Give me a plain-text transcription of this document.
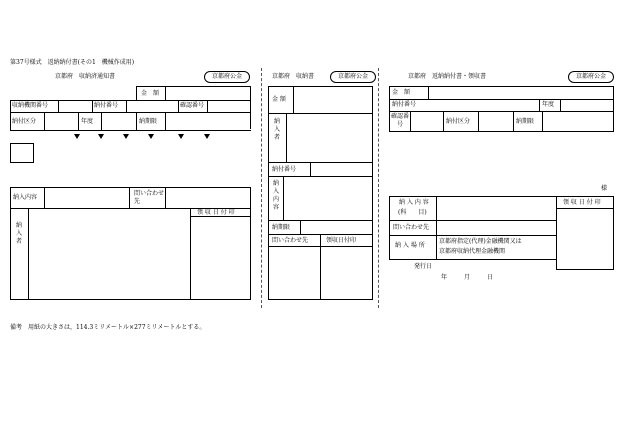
第37号様式　返納納付書(その1　機械作成用)
京都府　収納済通知書	京都府公金
金　額
収納機関番号	納付番号	確認番号
納付区分	年度	納期限
納入内容
問い合わせ先
納入者
領 収 日 付 印
京都府　収納書	京都府公金
金 額
納入者
納付番号
納入内容
納期限
問い合わせ先	領収日付印
京都府　返納納付書・領収書	京都府公金
金　額
納付番号	年度
確認番号	納付区分	納期限
様
納 入 内 容
(科　　目)
領 収 日 付 印
問い合わせ先
納 入 場 所
京都府指定(代理)金融機関又は
京都府収納代理金融機関
発行日
年	月	日
備考　用紙の大きさは，114.3ミリメートル×277ミリメートルとする。
